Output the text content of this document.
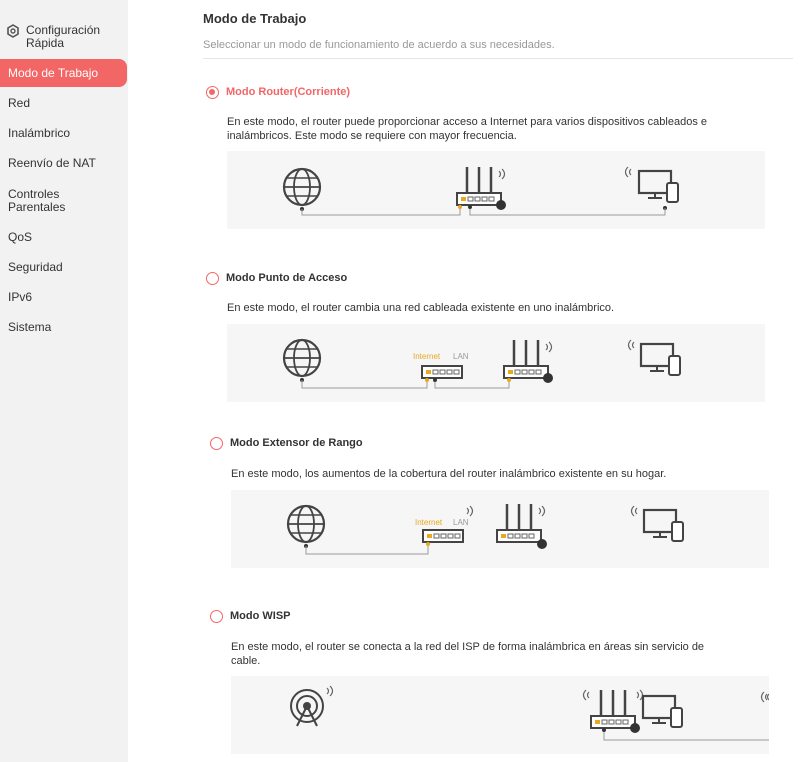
Configuración
Rápida
Modo de Trabajo
Red
Inalámbrico
Reenvío de NAT
Controles
Parentales
QoS
Seguridad
IPv6
Sistema
Modo de Trabajo
Seleccionar un modo de funcionamiento de acuerdo a sus necesidades.
Modo Router(Corriente)
En este modo, el router puede proporcionar acceso a Internet para varios dispositivos cableados e inalámbricos. Este modo se requiere con mayor frecuencia.
Modo Punto de Acceso
En este modo, el router cambia una red cableada existente en uno inalámbrico.
Internet LAN
Modo Extensor de Rango
En este modo, los aumentos de la cobertura del router inalámbrico existente en su hogar.
Internet LAN
Modo WISP
En este modo, el router se conecta a la red del ISP de forma inalámbrica en áreas sin servicio de cable.
